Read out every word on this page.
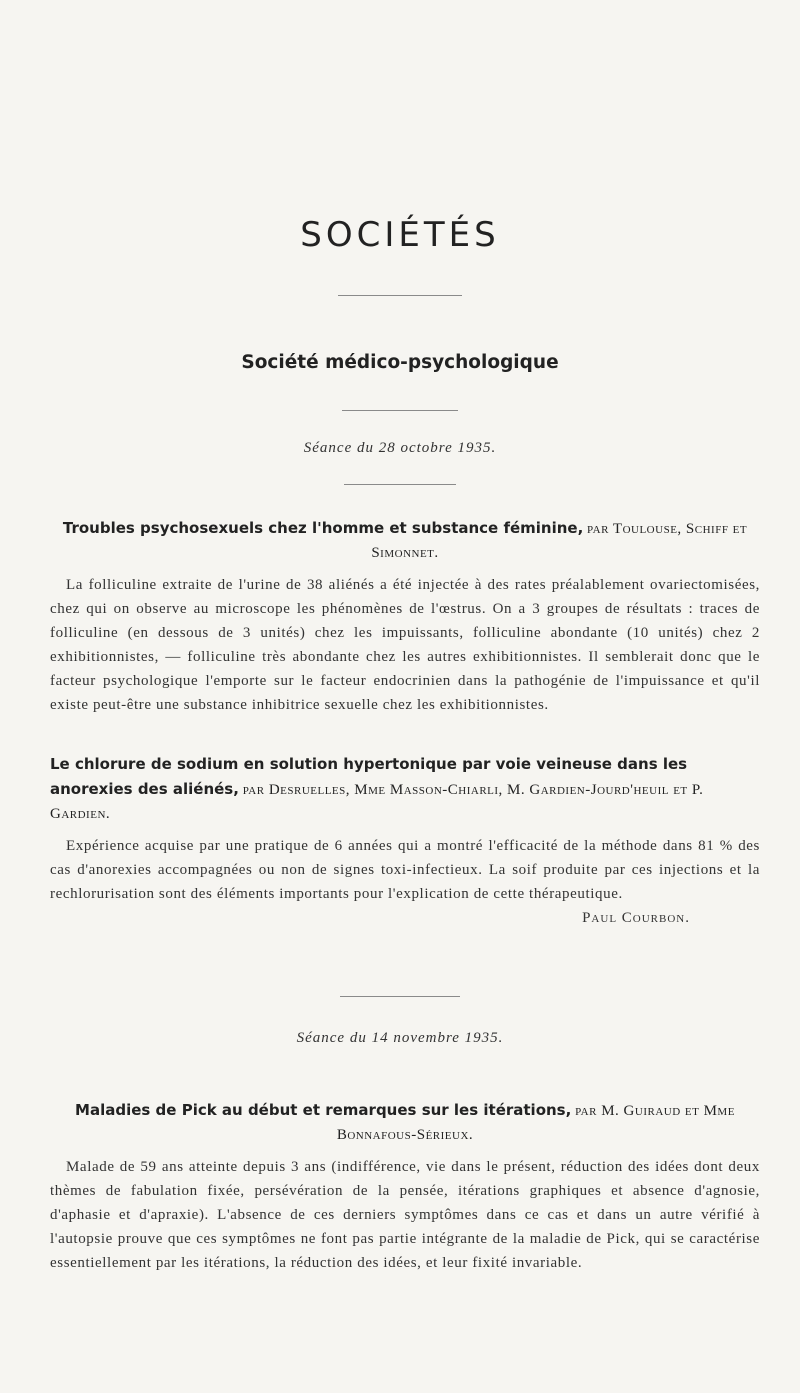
SOCIÉTÉS
Société médico-psychologique
Séance du 28 octobre 1935.
Troubles psychosexuels chez l'homme et substance féminine, par Toulouse, Schiff et Simonnet.

La folliculine extraite de l'urine de 38 aliénés a été injectée à des rates préalablement ovariectomisées, chez qui on observe au microscope les phénomènes de l'œstrus. On a 3 groupes de résultats : traces de folliculine (en dessous de 3 unités) chez les impuissants, folliculine abondante (10 unités) chez 2 exhibitionnistes, — folliculine très abondante chez les autres exhibitionnistes. Il semblerait donc que le facteur psychologique l'emporte sur le facteur endocrinien dans la pathogénie de l'impuissance et qu'il existe peut-être une substance inhibitrice sexuelle chez les exhibitionnistes.

Le chlorure de sodium en solution hypertonique par voie veineuse dans les anorexies des aliénés, par Desruelles, Mme Masson-Chiarli, M. Gardien-Jourd'heuil et P. Gardien.

Expérience acquise par une pratique de 6 années qui a montré l'efficacité de la méthode dans 81 % des cas d'anorexies accompagnées ou non de signes toxi-infectieux. La soif produite par ces injections et la rechlorurisation sont des éléments importants pour l'explication de cette thérapeutique.
Paul Courbon.

Séance du 14 novembre 1935.
Maladies de Pick au début et remarques sur les itérations, par M. Guiraud et Mme Bonnafous-Sérieux.

Malade de 59 ans atteinte depuis 3 ans (indifférence, vie dans le présent, réduction des idées dont deux thèmes de fabulation fixée, persévération de la pensée, itérations graphiques et absence d'agnosie, d'aphasie et d'apraxie). L'absence de ces derniers symptômes dans ce cas et dans un autre vérifié à l'autopsie prouve que ces symptômes ne font pas partie intégrante de la maladie de Pick, qui se caractérise essentiellement par les itérations, la réduction des idées, et leur fixité invariable.
